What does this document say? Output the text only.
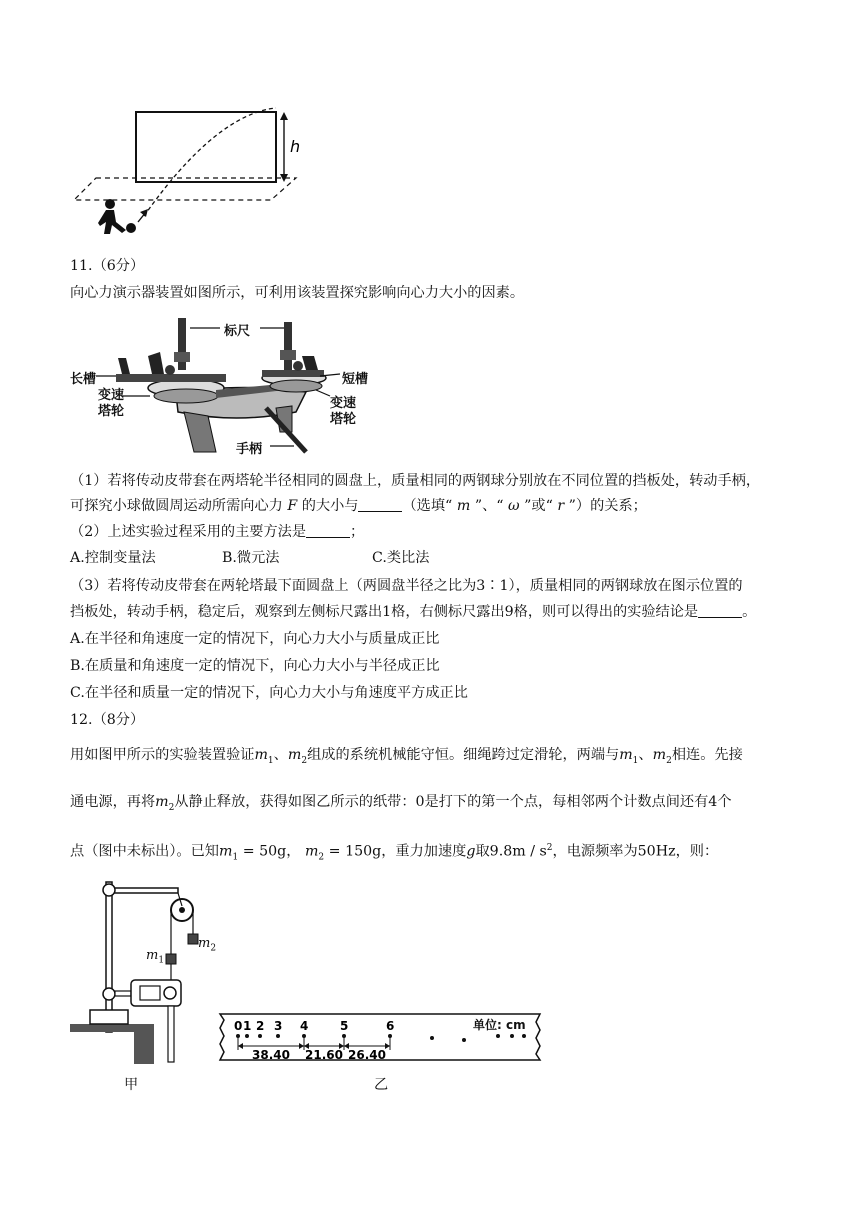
h
11.（6分）
向心力演示器装置如图所示，可利用该装置探究影响向心力大小的因素。
标尺
长槽
变速
塔轮
短槽
变速
塔轮
手柄
（1）若将传动皮带套在两塔轮半径相同的圆盘上，质量相同的两钢球分别放在不同位置的挡板处，转动手柄，
可探究小球做圆周运动所需向心力 F 的大小与	（选填“ m ”、“ ω ”或“ r ”）的关系；
（2）上述实验过程采用的主要方法是	；
A.控制变量法	B.微元法	C.类比法
（3）若将传动皮带套在两轮塔最下面圆盘上（两圆盘半径之比为3∶1），质量相同的两钢球放在图示位置的
挡板处，转动手柄，稳定后，观察到左侧标尺露出1格，右侧标尺露出9格，则可以得出的实验结论是	。
A.在半径和角速度一定的情况下，向心力大小与质量成正比
B.在质量和角速度一定的情况下，向心力大小与半径成正比
C.在半径和质量一定的情况下，向心力大小与角速度平方成正比
12.（8分）
用如图甲所示的实验装置验证$m_1$、$m_2$组成的系统机械能守恒。细绳跨过定滑轮，两端与$m_1$、$m_2$相连。先接
通电源，再将$m_2$从静止释放，获得如图乙所示的纸带：0是打下的第一个点，每相邻两个计数点间还有4个
点（图中未标出）。已知$m_1 = 50g$， $m_2 = 150g$，重力加速度g取$9.8m / s^2$，电源频率为50Hz，则：
$m_1$
$m_2$
0 1 2 3 4	5	6
38.40 21.60 26.40
单位: cm
甲	乙
